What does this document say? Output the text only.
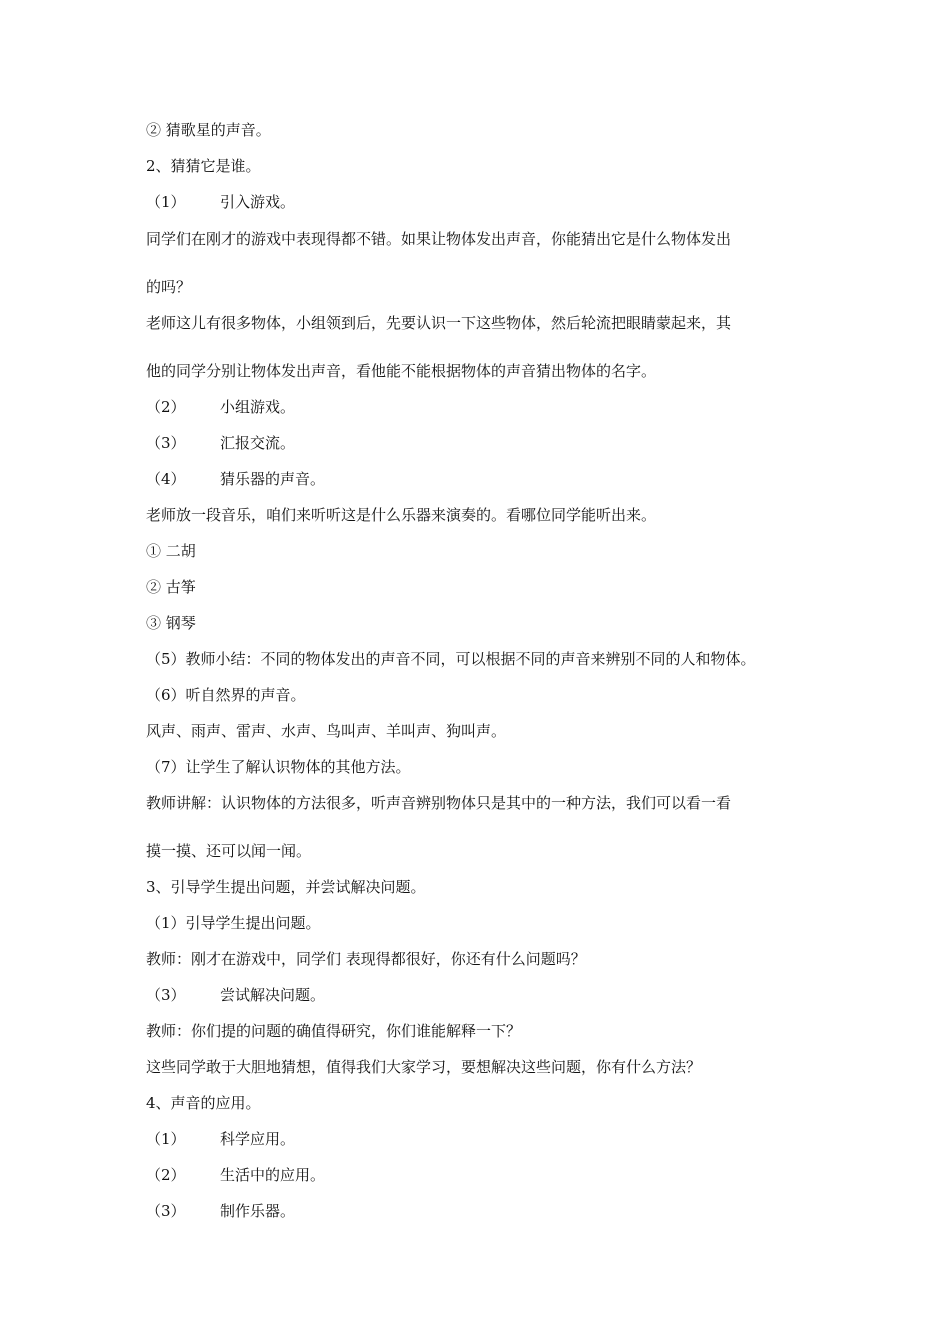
② 猜歌星的声音。
2、猜猜它是谁。
（1） 引入游戏。
同学们在刚才的游戏中表现得都不错。如果让物体发出声音，你能猜出它是什么物体发出
的吗？
老师这儿有很多物体，小组领到后，先要认识一下这些物体，然后轮流把眼睛蒙起来，其
他的同学分别让物体发出声音，看他能不能根据物体的声音猜出物体的名字。
（2） 小组游戏。
（3） 汇报交流。
（4） 猜乐器的声音。
老师放一段音乐，咱们来听听这是什么乐器来演奏的。看哪位同学能听出来。
① 二胡
② 古筝
③ 钢琴
（5）教师小结：不同的物体发出的声音不同，可以根据不同的声音来辨别不同的人和物体。
（6）听自然界的声音。
风声、雨声、雷声、水声、鸟叫声、羊叫声、狗叫声。
（7）让学生了解认识物体的其他方法。
教师讲解：认识物体的方法很多，听声音辨别物体只是其中的一种方法，我们可以看一看
摸一摸、还可以闻一闻。
3、引导学生提出问题，并尝试解决问题。
（1）引导学生提出问题。
教师：刚才在游戏中，同学们 表现得都很好，你还有什么问题吗？
（3） 尝试解决问题。
教师：你们提的问题的确值得研究，你们谁能解释一下？
这些同学敢于大胆地猜想，值得我们大家学习，要想解决这些问题，你有什么方法？
4、声音的应用。
（1） 科学应用。
（2） 生活中的应用。
（3） 制作乐器。
